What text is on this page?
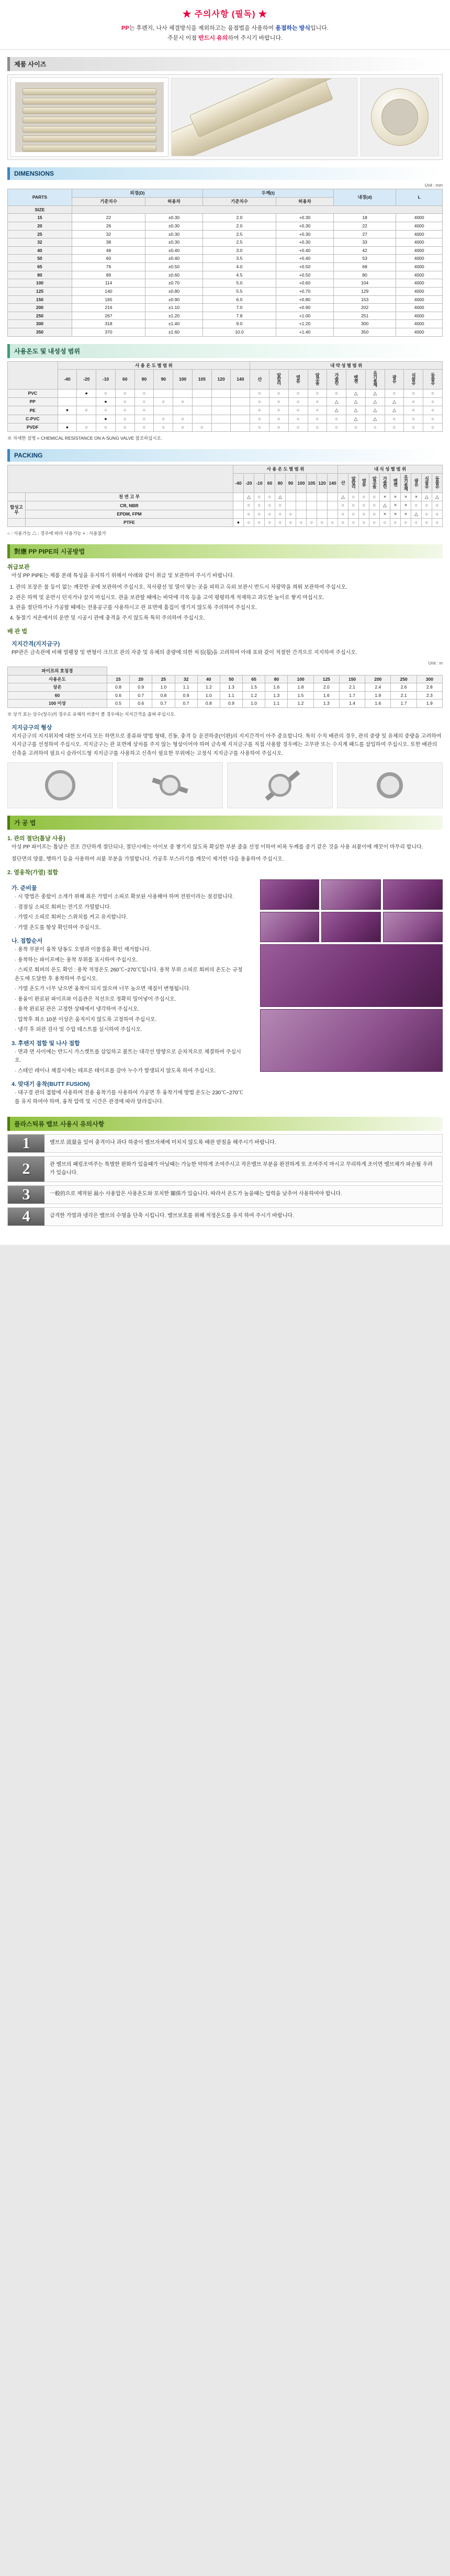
★ 주의사항 (필독) ★
PP는 후렌지, 나사 체결방식을 제외하고는 융점법을 사용하여 용접하는 방식입니다.
주문시 이점 반드시 유의하여 주시기 바랍니다.
제품 사이즈
DIMENSIONS
Unit : mm
PARTS	외경(D)		두께(t)		내경(d)	L
	기준치수	허용차	기준치수	허용차		
SIZE						
15	22	±0.30	2.0	+0.30	18	4000
20	26	±0.30	2.0	+0.30	22	4000
25	32	±0.30	2.5	+0.30	27	4000
32	38	±0.30	2.5	+0.30	33	4000
40	48	±0.40	3.0	+0.40	42	4000
50	60	±0.40	3.5	+0.40	53	4000
65	76	±0.50	4.0	+0.50	68	4000
80	89	±0.60	4.5	+0.50	80	4000
100	114	±0.70	5.0	+0.60	104	4000
125	140	±0.80	5.5	+0.70	129	4000
150	165	±0.90	6.0	+0.80	153	4000
200	216	±1.10	7.0	+0.90	202	4000
250	267	±1.20	7.8	+1.00	251	4000
300	318	±1.40	9.0	+1.20	300	4000
350	370	±1.60	10.0	+1.40	350	4000
사용온도 및 내성성 범위
	사 용 온 도 별 범 위										내 약 성 별 범 위									
	-40	-20	-10	60	80	90	100	105	120	140	산	알칼리	염류	알코올	가솔린	벤젠	유기용제	광유	식물유	동물유
PVC		●	○	○	○						○	○	○	○	○	△	△	○	○	○
PP			●	○	○	○	○				○	○	○	○	△	△	△	△	○	○
PE	●	○	○	○	○						○	○	○	○	△	△	△	△	○	○
C-PVC			●	○	○	○	○				○	○	○	○	○	△	△	○	○	○
PVDF	●	○	○	○	○	○	○	○			○	○	○	○	○	○	○	○	○	○
※ 자세한 설명 = CHEMICAL RESISTANCE ON A-SUNG VALVE 참조하십시오.
PACKING
		사 용 온 도 별 범 위										내 식 성 별 범 위									
		-40	-20	-10	60	80	90	100	105	120	140	산	알칼리	염류	알코올	가솔린	벤젠	유기용제	광유	식물유	동물유
	천 연 고 무		△	○	○	△						△	○	○	○	×	×	×	×	△	△
합성고무	CR, NBR		○	○	○	○						○	○	○	○	△	×	×	○	○	○
	EPDM, FPM		○	○	○	○	○					○	○	○	○	×	×	×	△	○	○
	PTFE	●	○	○	○	○	○	○	○	○	○	○	○	○	○	○	○	○	○	○	○
○ : 사용가능 △ : 경우에 따라 사용가능 × : 사용불가
對應 PP PIPE의 시공방법
취급보관

아성 PP PIPE는 제품 본래 특성을 유지하기 위해서 아래와 같이 취급 및 보관하여 주시기 바랍니다.

1. 관의 포장은 물 등이 없는 깨끗한 곳에 보관하여 주십시오. 직사광선 및 열이 닿는 곳을 피하고 옥외 보관시 반드시 차광막을 씌워 보관하여 주십시오.
2. 관은 하역 및 운반시 던지거나 끌지 마십시오. 관을 보관할 때에는 바닥에 각목 등을 고여 평평하게 적재하고 과도한 높이로 쌓지 마십시오.
3. 관을 절단하거나 가공할 때에는 전용공구를 사용하시고 관 표면에 흠집이 생기지 않도록 주의하여 주십시오.
4. 동절기 저온에서의 운반 및 시공시 관에 충격을 주지 않도록 특히 주의하여 주십시오.
배 관 법
지지간격(지지금구)

PP관은 금속관에 비해 열팽창 및 변형이 크므로 관의 자중 및 유체의 중량에 의한 처짐(휨)을 고려하여 아래 표와 같이 적절한 간격으로 지지하여 주십시오.

Unit : m
파이프의 호칭경													
사용온도	15	20	25	32	40	50	65	80	100	125	150	200	250	300
상온	0.8	0.9	1.0	1.1	1.2	1.3	1.5	1.6	1.8	2.0	2.1	2.4	2.6	2.8
60	0.6	0.7	0.8	0.9	1.0	1.1	1.2	1.3	1.5	1.6	1.7	1.9	2.1	2.3
100 이상	0.5	0.6	0.7	0.7	0.8	0.9	1.0	1.1	1.2	1.3	1.4	1.6	1.7	1.9
※ 상기 표는 상수(청수)의 경우로 유체의 비중이 클 경우에는 지지간격을 좁혀 주십시오.
지지금구의 형상

지지금구의 지지위치에 대한 모서리 모든 하면으로 종류와 방법 형태, 진동, 충격 등 운전하중(이완)의 지지간격이 아주 중요합니다. 특히 수직 배관의 경우, 관의 중량 및 유체의 중량을 고려하여 지지금구를 선정하여 주십시오. 지지금구는 관 표면에 상처를 주지 않는 형상이어야 하며 금속제 지지금구를 직접 사용할 경우에는 고무판 또는 수지계 패드를 삽입하여 주십시오. 또한 배관의 신축을 고려하여 필요시 슬라이드형 지지금구를 사용하고 신축이 필요한 부위에는 고정식 지지금구를 사용하여 주십시오.

가 공 법
1. 관의 절단(톱날 사용)

아성 PP 파이프는 톱날은 전조 간단하게 절단되나, 절단시에는 아이보 중 쌓기지 않도록 확실한 부분 줄을 선정 이하여 비록 두께를 중기 같은 것을 사용 쇠붙이에 깨끗이 마무리 합니다.

절단면의 양품, 행하기 등을 사용하여 쇠붙 부분을 가열합니다. 가공후 부스러기를 깨끗이 제거한 다음 용융하여 주십시오.

2. 열융착(가열) 접합
가. 준비물
· 시 방법은 종합이 소개가 위해 최은 가열이 소피로 확보된 사용해야 하며 전원이라는 점검합니다.
· 겸점심 소피로 회퍼는 전기로 가열합니다.
· 가열시 소피로 회퍼는 스위치를 켜고 유지합니다.
· 가열 온도를 항상 확인하여 주십시오.
나. 접합순서
· 용착 부분이 융착 당동도 오염과 이물질을 확인 제거합니다.
· 용착하는 파이프에는 용착 부위를 표시하여 주십시오.
· 스피로 회퍼의 온도 확인 : 용착 적정온도 260℃~270℃입니다. 용착 부위 소피로 회퍼의 온도는 규정온도에 도달한 후 용착하여 주십시오.
· 가열 온도가 너무 낮으면 융착이 되지 않으며 너무 높으면 재질이 변형됩니다.
· 용융이 완료된 파이프와 이음관은 직선으로 정확히 밀어넣어 주십시오.
· 용착 완료된 관은 고정한 상태에서 냉각하여 주십시오.
· 압착후 최소 10분 이상은 움직이지 않도록 고정하여 주십시오.
· 냉각 후 외관 검사 및 수압 테스트를 실시하여 주십시오.
3. 후렌지 접합 및 나사 접합
· 면과 면 사이에는 반드시 가스켓트를 삽입하고 볼트는 대각선 방향으로 순차적으로 체결하여 주십시오.
· 스테인 레이나 체결시에는 테프론 테이프를 감아 누수가 발생되지 않도록 하여 주십시오.
4. 맞대기 융착(BUTT FUSION)
· 대구경 관의 접합에 사용하며 전용 융착기를 사용하여 가공면 후 융착기에 방법 온도는 230℃~270℃를 유지 하여야 하며, 융착 압력 및 시간은 관경에 따라 달라집니다.
플라스틱류 밸브 사용시 유의사항
1	밸브로 流量을 있어 충격이나 과다 하중이 밸브자체에 미치지 않도록 배관 받침을 해주시기 바랍니다.
2	관 밸브의 패킹조여주는 특별한 완화가 있을때가 아닐때는 가능한 약하게 조여주시고 작은밸브 부분을 완전하게 또 조여주지 마시고 무리하게 조이면 밸브체가 파손될 우려가 있습니다.
3	一般的으로 제작된 最小 사용압은 사용온도와 포치한 關係가 있습니다. 따라서 온도가 높을때는 압력을 낮추어 사용하여야 합니다.
4	급격한 가열과 냉각은 밸브의 수명을 단축 시킵니다. 밸브보호를 위해 적정온도를 유지 하여 주시기 바랍니다.
